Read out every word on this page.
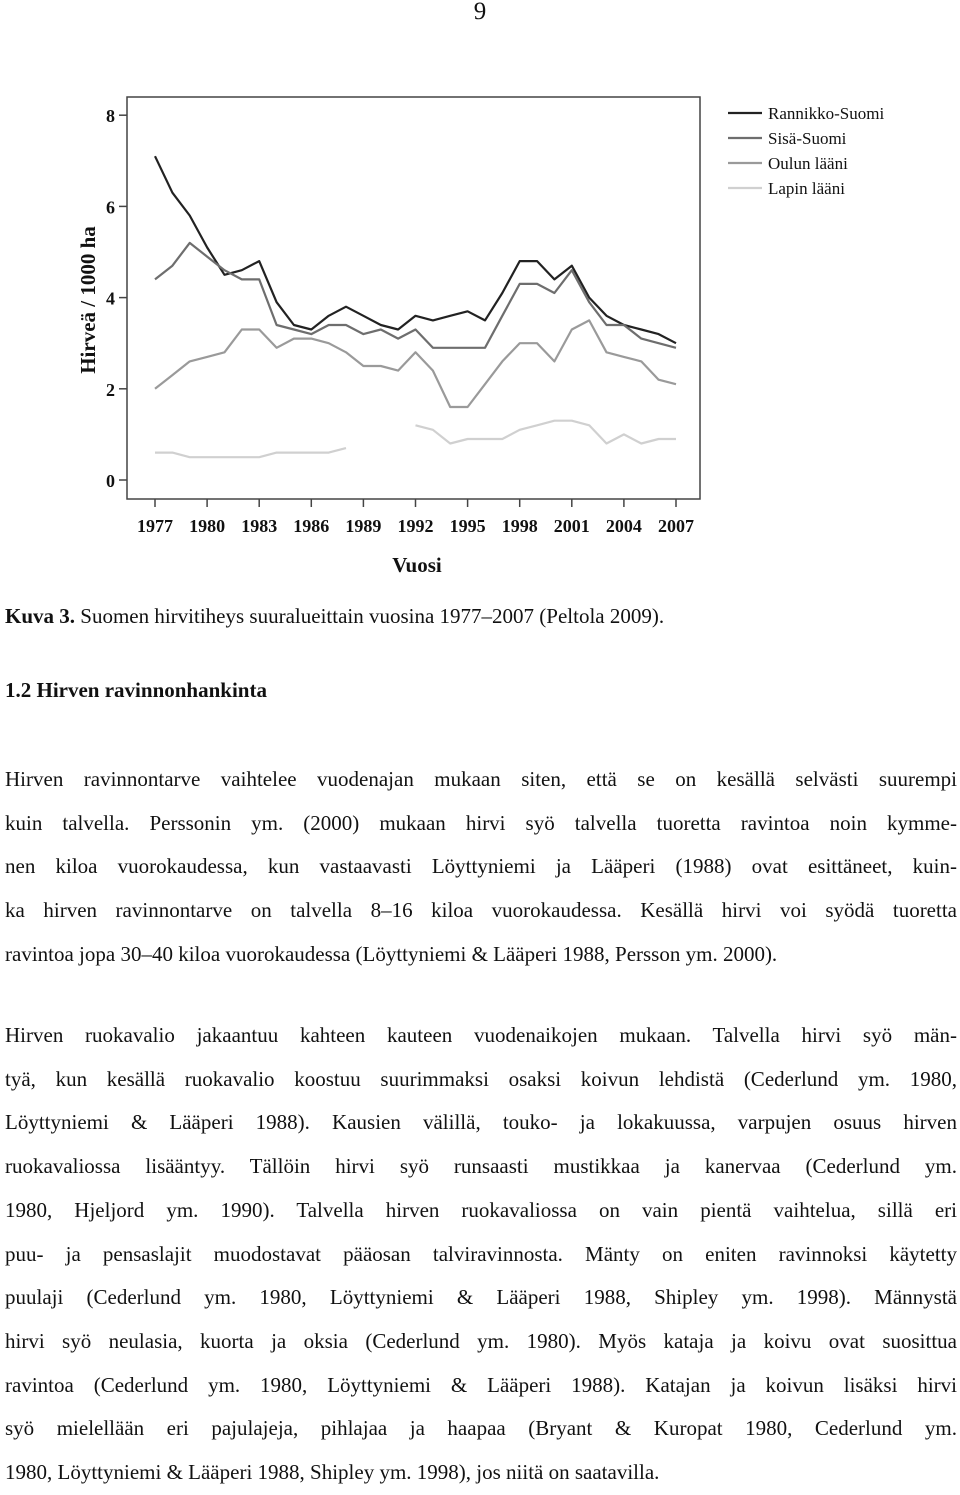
9
0
2
4
6
8
1977 1980 1983 1986 1989 1992 1995 1998 2001 2004 2007
Rannikko-Suomi
Sisä-Suomi
Oulun lääni
Lapin lääni
Hirveä / 1000 ha
Vuosi
Kuva 3. Suomen hirvitiheys suuralueittain vuosina 1977–2007 (Peltola 2009).
1.2 Hirven ravinnonhankinta
Hirven ravinnontarve vaihtelee vuodenajan mukaan siten, että se on kesällä selvästi suurempi
kuin talvella. Perssonin ym. (2000) mukaan hirvi syö talvella tuoretta ravintoa noin kymme-
nen kiloa vuorokaudessa, kun vastaavasti Löyttyniemi ja Lääperi (1988) ovat esittäneet, kuin-
ka hirven ravinnontarve on talvella 8–16 kiloa vuorokaudessa. Kesällä hirvi voi syödä tuoretta
ravintoa jopa 30–40 kiloa vuorokaudessa (Löyttyniemi & Lääperi 1988, Persson ym. 2000).
Hirven ruokavalio jakaantuu kahteen kauteen vuodenaikojen mukaan. Talvella hirvi syö män-
tyä, kun kesällä ruokavalio koostuu suurimmaksi osaksi koivun lehdistä (Cederlund ym. 1980,
Löyttyniemi & Lääperi 1988). Kausien välillä, touko- ja lokakuussa, varpujen osuus hirven
ruokavaliossa lisääntyy. Tällöin hirvi syö runsaasti mustikkaa ja kanervaa (Cederlund ym.
1980, Hjeljord ym. 1990). Talvella hirven ruokavaliossa on vain pientä vaihtelua, sillä eri
puu- ja pensaslajit muodostavat pääosan talviravinnosta. Mänty on eniten ravinnoksi käytetty
puulaji (Cederlund ym. 1980, Löyttyniemi & Lääperi 1988, Shipley ym. 1998). Männystä
hirvi syö neulasia, kuorta ja oksia (Cederlund ym. 1980). Myös kataja ja koivu ovat suosittua
ravintoa (Cederlund ym. 1980, Löyttyniemi & Lääperi 1988). Katajan ja koivun lisäksi hirvi
syö mielellään eri pajulajeja, pihlajaa ja haapaa (Bryant & Kuropat 1980, Cederlund ym.
1980, Löyttyniemi & Lääperi 1988, Shipley ym. 1998), jos niitä on saatavilla.
